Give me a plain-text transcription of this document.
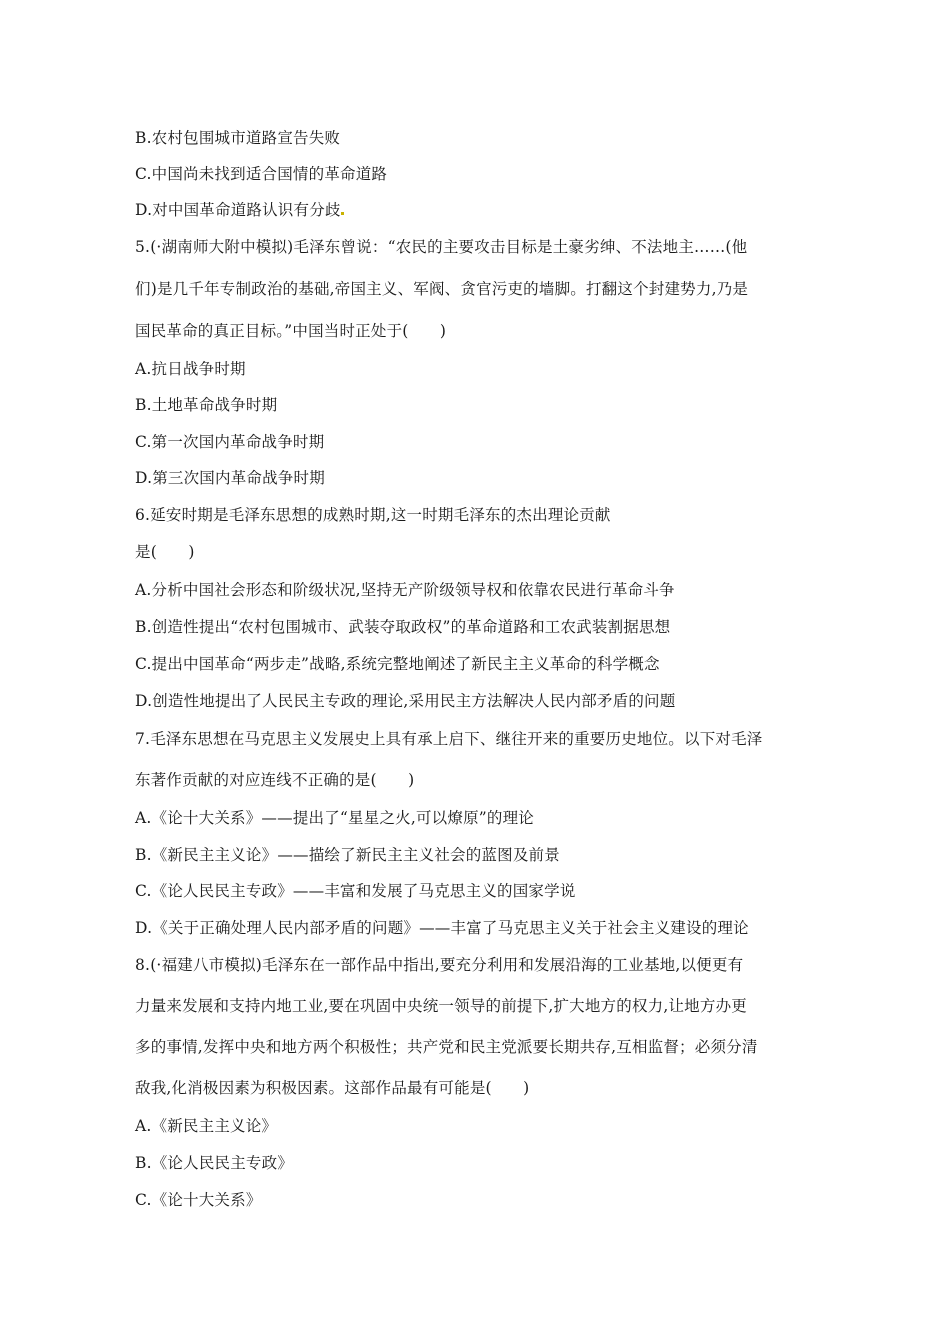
B.农村包围城市道路宣告失败
C.中国尚未找到适合国情的革命道路
D.对中国革命道路认识有分歧
5.(·湖南师大附中模拟)毛泽东曾说：“农民的主要攻击目标是土豪劣绅、不法地主……(他
们)是几千年专制政治的基础,帝国主义、军阀、贪官污吏的墙脚。打翻这个封建势力,乃是
国民革命的真正目标。”中国当时正处于(　　)
A.抗日战争时期
B.土地革命战争时期
C.第一次国内革命战争时期
D.第三次国内革命战争时期
6.延安时期是毛泽东思想的成熟时期,这一时期毛泽东的杰出理论贡献
是(　　)
A.分析中国社会形态和阶级状况,坚持无产阶级领导权和依靠农民进行革命斗争
B.创造性提出“农村包围城市、武装夺取政权”的革命道路和工农武装割据思想
C.提出中国革命“两步走”战略,系统完整地阐述了新民主主义革命的科学概念
D.创造性地提出了人民民主专政的理论,采用民主方法解决人民内部矛盾的问题
7.毛泽东思想在马克思主义发展史上具有承上启下、继往开来的重要历史地位。以下对毛泽
东著作贡献的对应连线不正确的是(　　)
A.《论十大关系》——提出了“星星之火,可以燎原”的理论
B.《新民主主义论》——描绘了新民主主义社会的蓝图及前景
C.《论人民民主专政》——丰富和发展了马克思主义的国家学说
D.《关于正确处理人民内部矛盾的问题》——丰富了马克思主义关于社会主义建设的理论
8.(·福建八市模拟)毛泽东在一部作品中指出,要充分利用和发展沿海的工业基地,以便更有
力量来发展和支持内地工业,要在巩固中央统一领导的前提下,扩大地方的权力,让地方办更
多的事情,发挥中央和地方两个积极性；共产党和民主党派要长期共存,互相监督；必须分清
敌我,化消极因素为积极因素。这部作品最有可能是(　　)
A.《新民主主义论》
B.《论人民民主专政》
C.《论十大关系》
